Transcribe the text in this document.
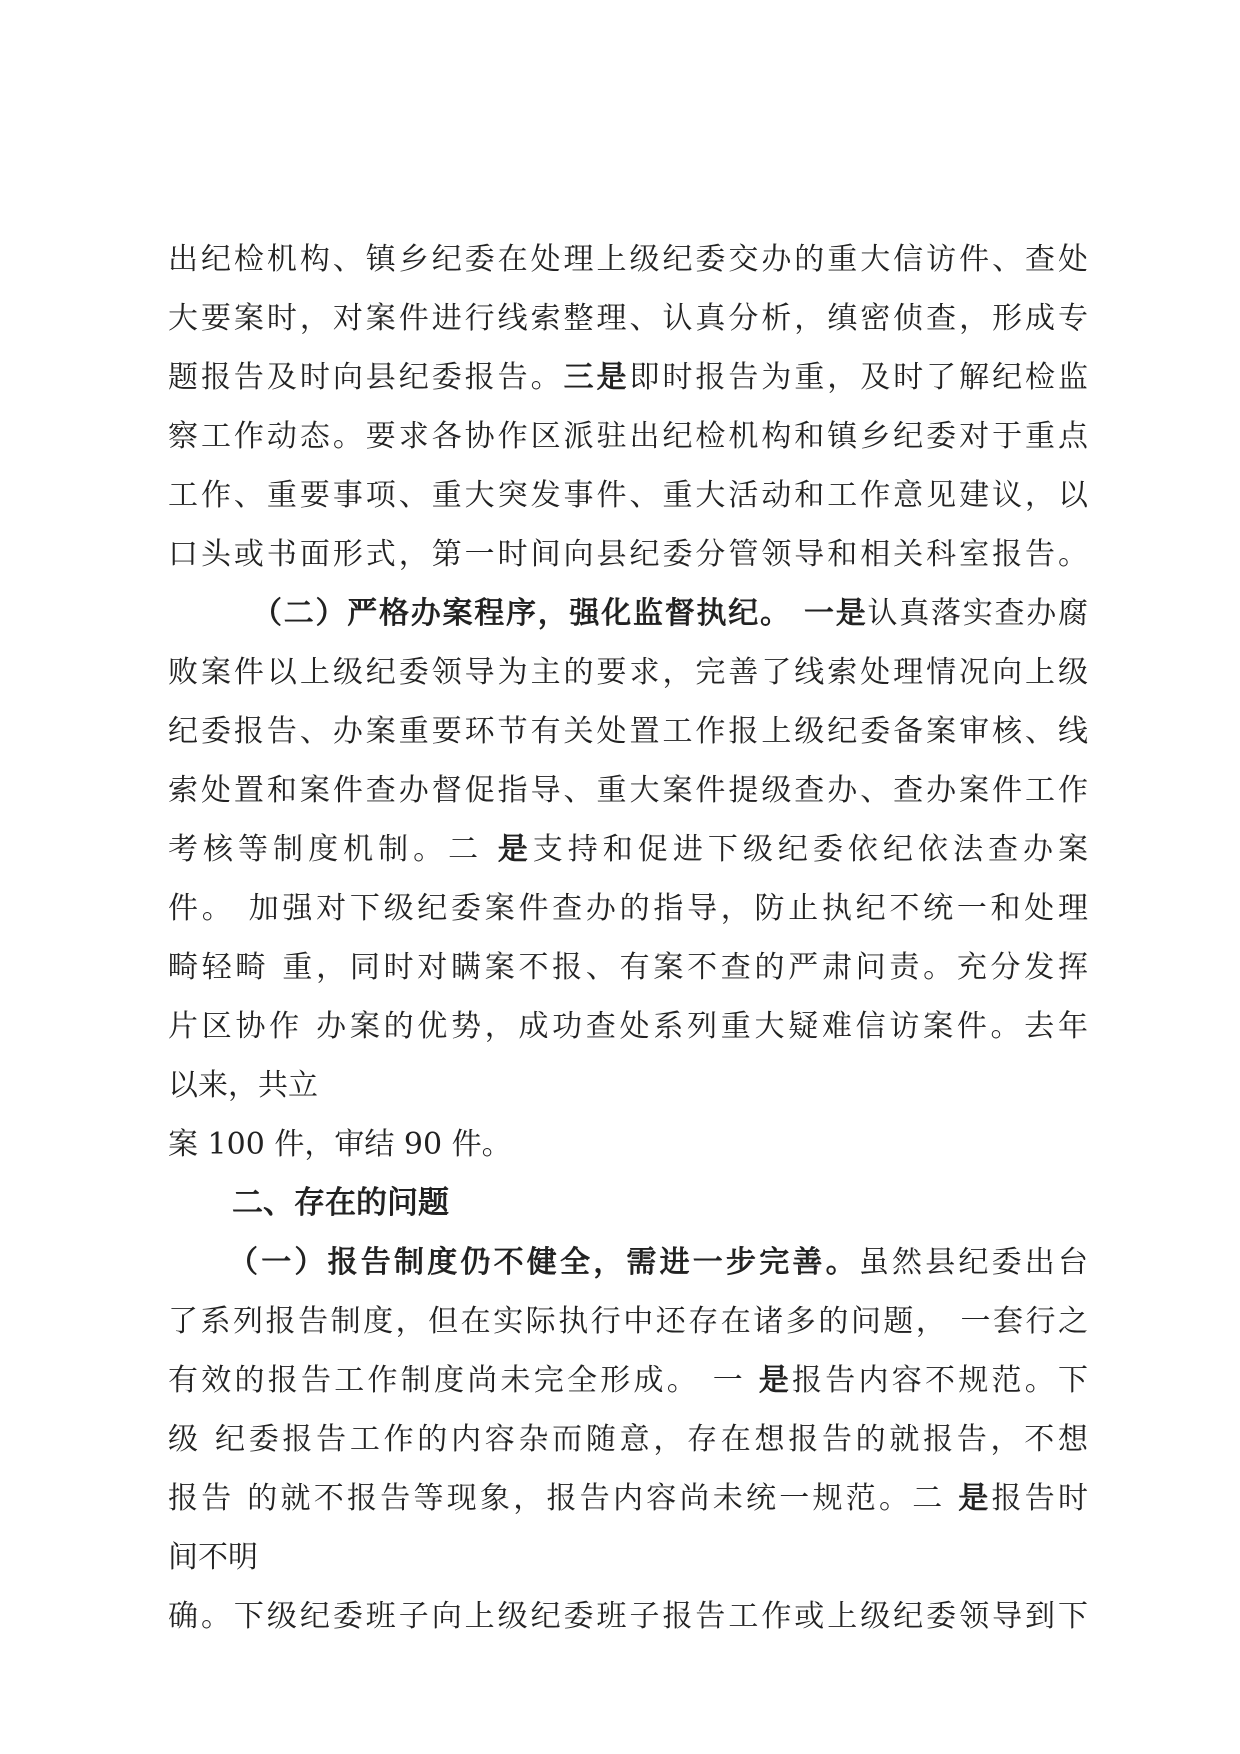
出纪检机构、镇乡纪委在处理上级纪委交办的重大信访件、查处
大要案时，对案件进行线索整理、认真分析，缜密侦查，形成专
题报告及时向县纪委报告。三是即时报告为重，及时了解纪检监
察工作动态。要求各协作区派驻出纪检机构和镇乡纪委对于重点
工作、重要事项、重大突发事件、重大活动和工作意见建议，以
口头或书面形式，第一时间向县纪委分管领导和相关科室报告。
（二）严格办案程序，强化监督执纪。 一是认真落实查办腐
败案件以上级纪委领导为主的要求，完善了线索处理情况向上级
纪委报告、办案重要环节有关处置工作报上级纪委备案审核、线
索处置和案件查办督促指导、重大案件提级查办、查办案件工作
考核等制度机制。二 是支持和促进下级纪委依纪依法查办案
件。 加强对下级纪委案件查办的指导，防止执纪不统一和处理
畸轻畸 重，同时对瞒案不报、有案不查的严肃问责。充分发挥
片区协作 办案的优势，成功查处系列重大疑难信访案件。去年
以来，共立
案 100 件，审结 90 件。
二、存在的问题
（一）报告制度仍不健全，需进一步完善。虽然县纪委出台
了系列报告制度，但在实际执行中还存在诸多的问题， 一套行之
有效的报告工作制度尚未完全形成。 一 是报告内容不规范。下
级 纪委报告工作的内容杂而随意，存在想报告的就报告，不想
报告 的就不报告等现象，报告内容尚未统一规范。二 是报告时
间不明
确。下级纪委班子向上级纪委班子报告工作或上级纪委领导到下
